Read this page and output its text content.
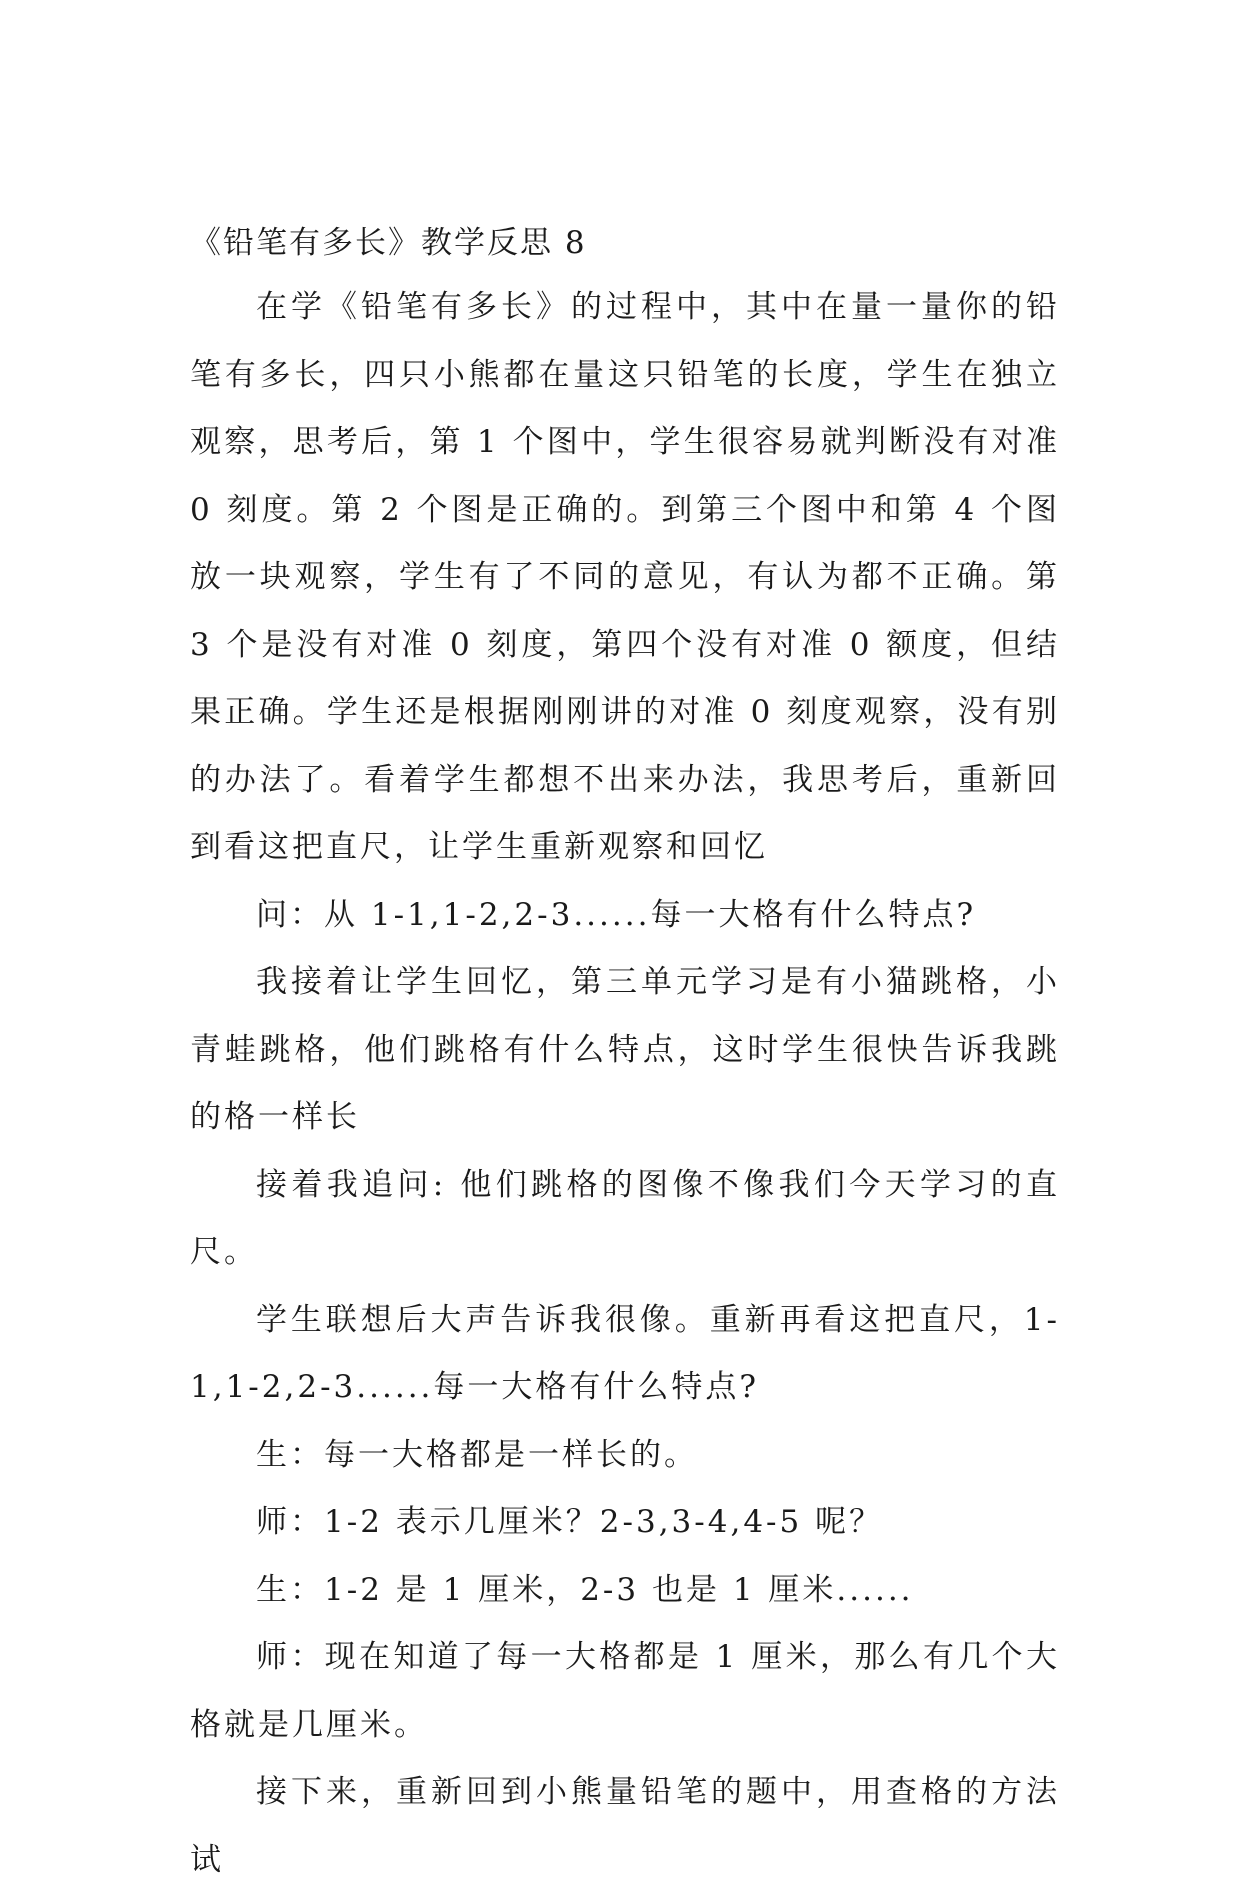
《铅笔有多长》教学反思 8

在学《铅笔有多长》的过程中，其中在量一量你的铅笔有多长，四只小熊都在量这只铅笔的长度，学生在独立观察，思考后，第 1 个图中，学生很容易就判断没有对准 0 刻度。第 2 个图是正确的。到第三个图中和第 4 个图放一块观察，学生有了不同的意见，有认为都不正确。第 3 个是没有对准 0 刻度，第四个没有对准 0 额度，但结果正确。学生还是根据刚刚讲的对准 0 刻度观察，没有别的办法了。看着学生都想不出来办法，我思考后，重新回到看这把直尺，让学生重新观察和回忆

问：从 1-1,1-2,2-3......每一大格有什么特点?

我接着让学生回忆，第三单元学习是有小猫跳格，小青蛙跳格，他们跳格有什么特点，这时学生很快告诉我跳的格一样长

接着我追问: 他们跳格的图像不像我们今天学习的直尺。

学生联想后大声告诉我很像。重新再看这把直尺，1-1,1-2,2-3......每一大格有什么特点?

生：每一大格都是一样长的。

师：1-2 表示几厘米？2-3,3-4,4-5 呢？

生：1-2 是 1 厘米，2-3 也是 1 厘米......

师：现在知道了每一大格都是 1 厘米，那么有几个大格就是几厘米。

接下来，重新回到小熊量铅笔的题中，用查格的方法试
